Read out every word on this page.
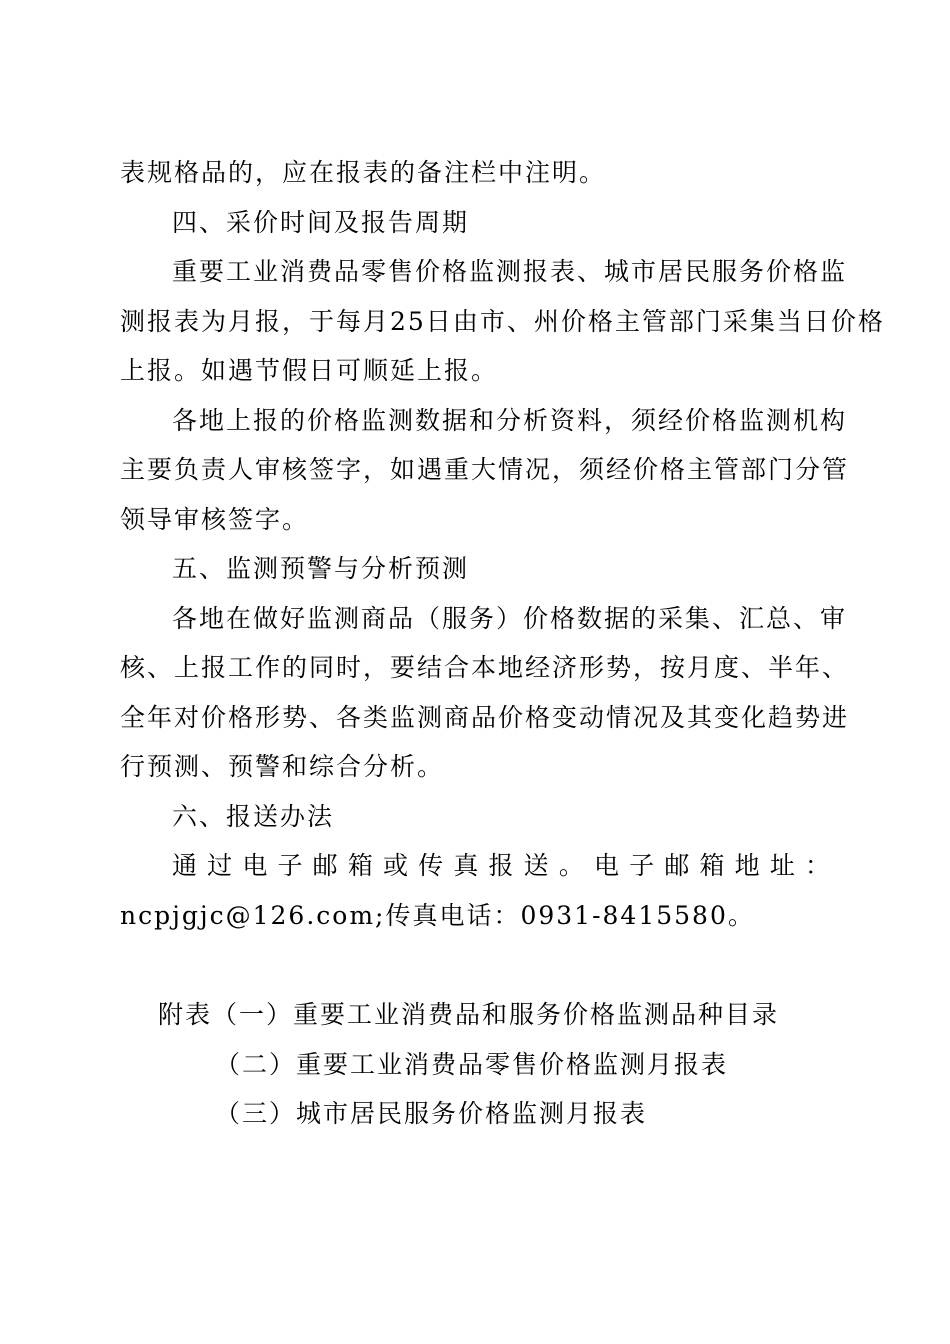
表规格品的，应在报表的备注栏中注明。
四、采价时间及报告周期
重要工业消费品零售价格监测报表、城市居民服务价格监
测报表为月报，于每月25日由市、州价格主管部门采集当日价格
上报。如遇节假日可顺延上报。
各地上报的价格监测数据和分析资料，须经价格监测机构
主要负责人审核签字，如遇重大情况，须经价格主管部门分管
领导审核签字。
五、监测预警与分析预测
各地在做好监测商品（服务）价格数据的采集、汇总、审
核、上报工作的同时，要结合本地经济形势，按月度、半年、
全年对价格形势、各类监测商品价格变动情况及其变化趋势进
行预测、预警和综合分析。
六、报送办法
通过电子邮箱或传真报送。电子邮箱地址：
ncpjgjc@126.com;传真电话：0931-8415580。
附表（一）重要工业消费品和服务价格监测品种目录
（二）重要工业消费品零售价格监测月报表
（三）城市居民服务价格监测月报表
